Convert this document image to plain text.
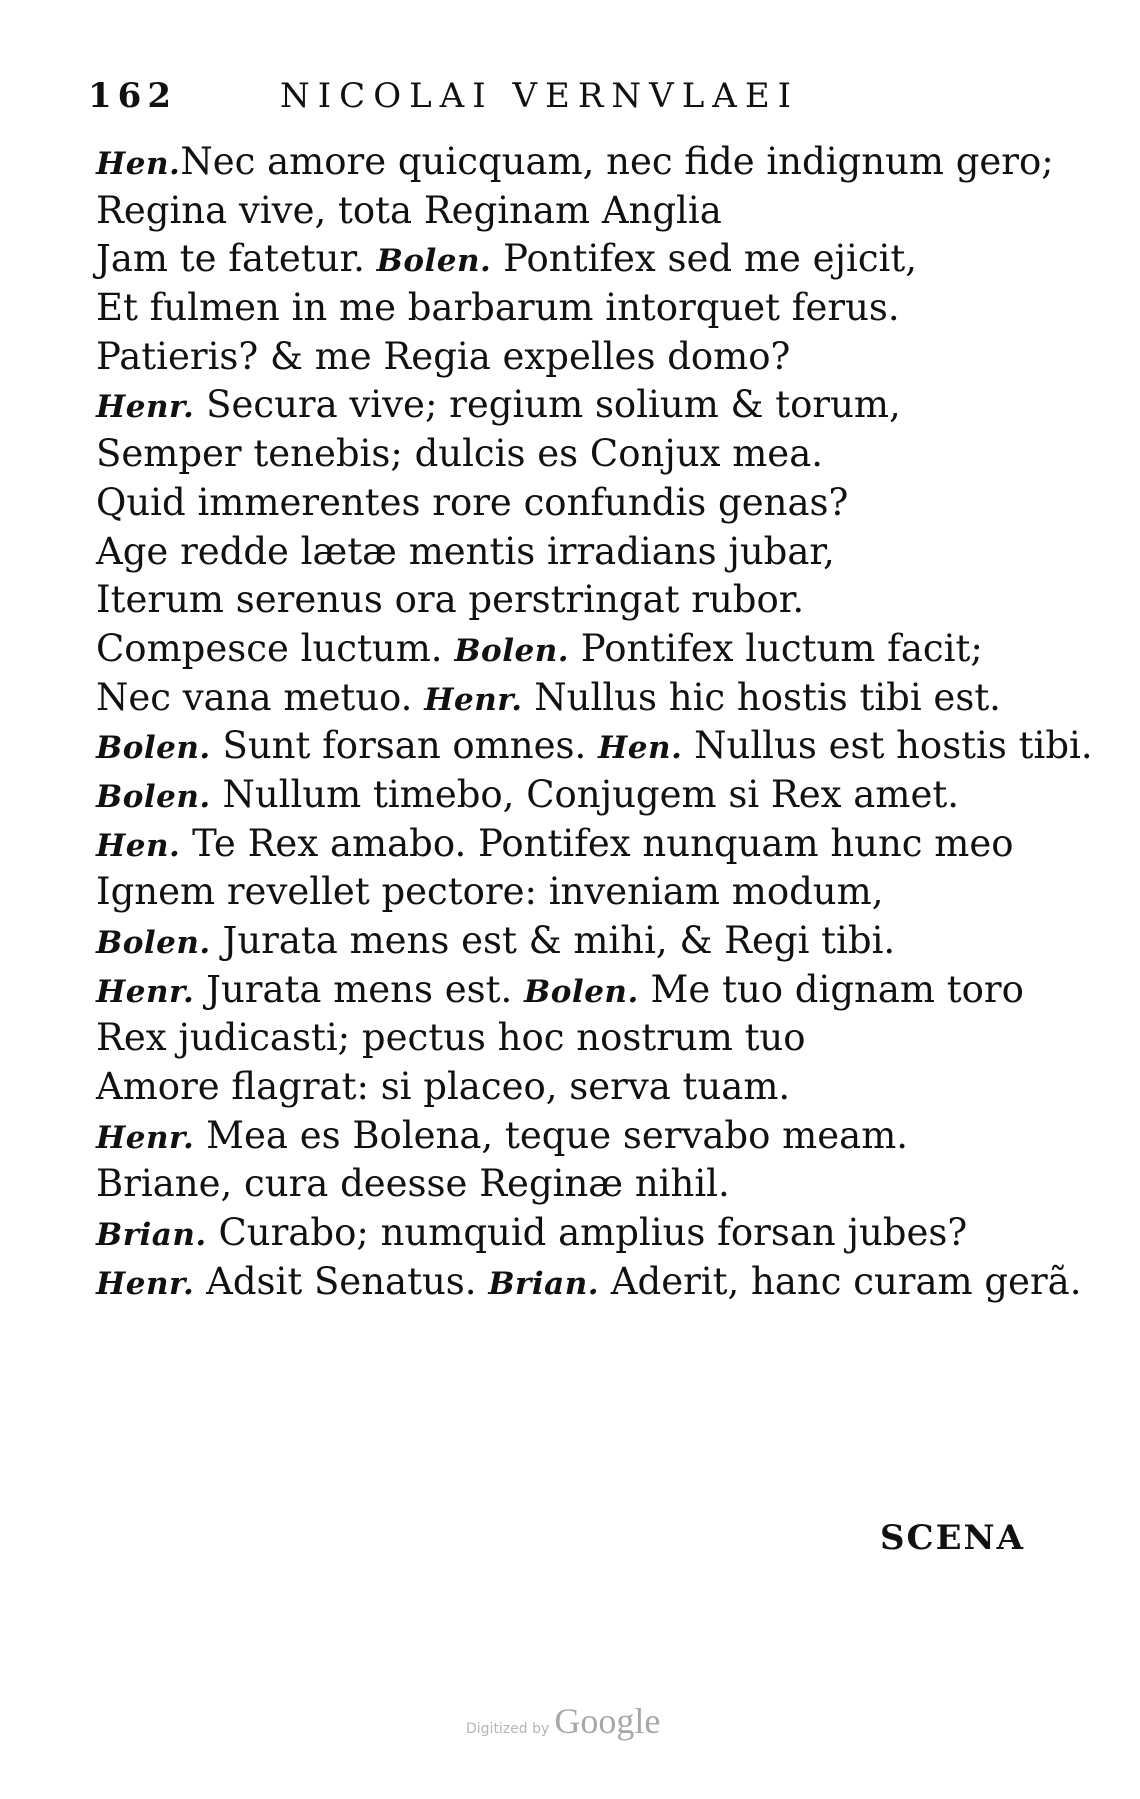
162	NICOLAI VERNVLAEI
Hen.Nec amore quicquam, nec fide indignum gero;
Regina vive, tota Reginam Anglia
Jam te fatetur. Bolen. Pontifex sed me ejicit,
Et fulmen in me barbarum intorquet ferus.
Patieris? & me Regia expelles domo?
Henr. Secura vive; regium solium & torum,
Semper tenebis; dulcis es Conjux mea.
Quid immerentes rore confundis genas?
Age redde lætæ mentis irradians jubar,
Iterum serenus ora perstringat rubor.
Compesce luctum. Bolen. Pontifex luctum facit;
Nec vana metuo. Henr. Nullus hic hostis tibi est.
Bolen. Sunt forsan omnes. Hen. Nullus est hostis tibi.
Bolen. Nullum timebo, Conjugem si Rex amet.
Hen. Te Rex amabo. Pontifex nunquam hunc meo
Ignem revellet pectore: inveniam modum,
Bolen. Jurata mens est & mihi, & Regi tibi.
Henr. Jurata mens est. Bolen. Me tuo dignam toro
Rex judicasti; pectus hoc nostrum tuo
Amore flagrat: si placeo, serva tuam.
Henr. Mea es Bolena, teque servabo meam.
Briane, cura deesse Reginæ nihil.
Brian. Curabo; numquid amplius forsan jubes?
Henr. Adsit Senatus. Brian. Aderit, hanc curam gerã.
SCENA
Digitized by Google
